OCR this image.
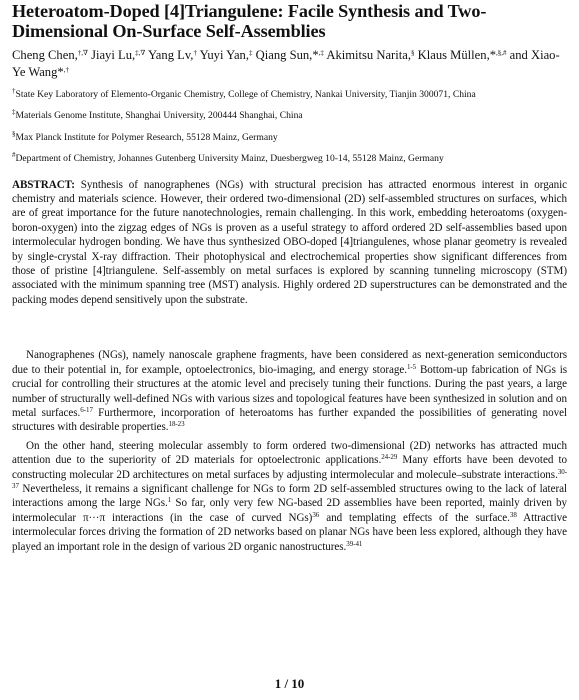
Heteroatom-Doped [4]Triangulene: Facile Synthesis and Two-Dimensional On-Surface Self-Assemblies
Cheng Chen,†,∇ Jiayi Lu,‡,∇ Yang Lv,† Yuyi Yan,‡ Qiang Sun,*,‡ Akimitsu Narita,§ Klaus Müllen,*,§,# and Xiao-Ye Wang*,†
†State Key Laboratory of Elemento-Organic Chemistry, College of Chemistry, Nankai University, Tianjin 300071, China
‡Materials Genome Institute, Shanghai University, 200444 Shanghai, China
§Max Planck Institute for Polymer Research, 55128 Mainz, Germany
#Department of Chemistry, Johannes Gutenberg University Mainz, Duesbergweg 10-14, 55128 Mainz, Germany
ABSTRACT: Synthesis of nanographenes (NGs) with structural precision has attracted enormous interest in organic chemistry and materials science. However, their ordered two-dimensional (2D) self-assembled structures on surfaces, which are of great importance for the future nanotechnologies, remain challenging. In this work, embedding heteroatoms (oxygen-boron-oxygen) into the zigzag edges of NGs is proven as a useful strategy to afford ordered 2D self-assemblies based upon intermolecular hydrogen bonding. We have thus synthesized OBO-doped [4]triangulenes, whose planar geometry is revealed by single-crystal X-ray diffraction. Their photophysical and electrochemical properties show significant differences from those of pristine [4]triangulene. Self-assembly on metal surfaces is explored by scanning tunneling microscopy (STM) associated with the minimum spanning tree (MST) analysis. Highly ordered 2D superstructures can be demonstrated and the packing modes depend sensitively upon the substrate.

Nanographenes (NGs), namely nanoscale graphene fragments, have been considered as next-generation semiconductors due to their potential in, for example, optoelectronics, bio-imaging, and energy storage.$^{1-5}$ Bottom-up fabrication of NGs is crucial for controlling their structures at the atomic level and precisely tuning their functions. During the past years, a large number of structurally well-defined NGs with various sizes and topological features have been synthesized in solution and on metal surfaces.$^{6-17}$ Furthermore, incorporation of heteroatoms has further expanded the possibilities of generating novel structures with desirable properties.$^{18-23}$

On the other hand, steering molecular assembly to form ordered two-dimensional (2D) networks has attracted much attention due to the superiority of 2D materials for optoelectronic applications.$^{24-29}$ Many efforts have been devoted to constructing molecular 2D architectures on metal surfaces by adjusting intermolecular and molecule–substrate interactions.$^{30-37}$ Nevertheless, it remains a significant challenge for NGs to form 2D self-assembled structures owing to the lack of lateral interactions among the large NGs.$^1$ So far, only very few NG-based 2D assemblies have been reported, mainly driven by intermolecular π···π interactions (in the case of curved NGs)$^{36}$ and templating effects of the surface.$^{38}$ Attractive intermolecular forces driving the formation of 2D networks based on planar NGs have been less explored, although they have played an important role in the design of various 2D organic nanostructures.$^{39-41}$

1 / 10
